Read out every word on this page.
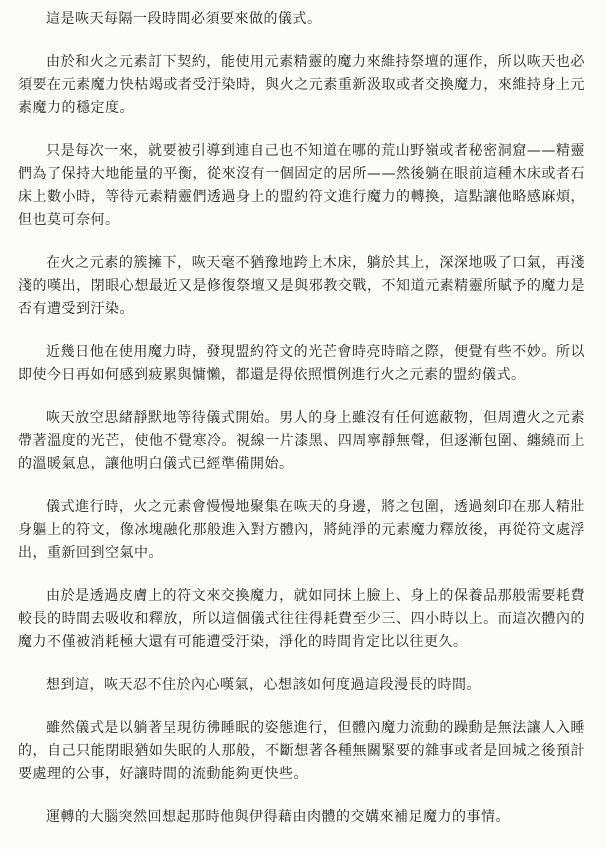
這是咴天每隔一段時間必須要來做的儀式。

由於和火之元素訂下契約，能使用元素精靈的魔力來維持祭壇的運作，所以咴天也必須要在元素魔力快枯竭或者受汙染時，與火之元素重新汲取或者交換魔力，來維持身上元素魔力的穩定度。

只是每次一來，就要被引導到連自己也不知道在哪的荒山野嶺或者秘密洞窟——精靈們為了保持大地能量的平衡，從來沒有一個固定的居所——然後躺在眼前這種木床或者石床上數小時，等待元素精靈們透過身上的盟約符文進行魔力的轉換，這點讓他略感麻煩，但也莫可奈何。

在火之元素的簇擁下，咴天毫不猶豫地跨上木床，躺於其上，深深地吸了口氣，再淺淺的嘆出，閉眼心想最近又是修復祭壇又是與邪教交戰，不知道元素精靈所賦予的魔力是否有遭受到汙染。

近幾日他在使用魔力時，發現盟約符文的光芒會時亮時暗之際，便覺有些不妙。所以即使今日再如何感到疲累與慵懶，都還是得依照慣例進行火之元素的盟約儀式。

咴天放空思緒靜默地等待儀式開始。男人的身上雖沒有任何遮蔽物，但周遭火之元素帶著溫度的光芒，使他不覺寒冷。視線一片漆黑、四周寧靜無聲，但逐漸包圍、纏繞而上的溫暖氣息，讓他明白儀式已經準備開始。

儀式進行時，火之元素會慢慢地聚集在咴天的身邊，將之包圍，透過刻印在那人精壯身軀上的符文，像冰塊融化那般進入對方體內，將純淨的元素魔力釋放後，再從符文處浮出，重新回到空氣中。

由於是透過皮膚上的符文來交換魔力，就如同抹上臉上、身上的保養品那般需要耗費較長的時間去吸收和釋放，所以這個儀式往往得耗費至少三、四小時以上。而這次體內的魔力不僅被消耗極大還有可能遭受汙染，淨化的時間肯定比以往更久。

想到這，咴天忍不住於內心嘆氣，心想該如何度過這段漫長的時間。

雖然儀式是以躺著呈現彷彿睡眠的姿態進行，但體內魔力流動的躁動是無法讓人入睡的，自己只能閉眼猶如失眠的人那般，不斷想著各種無關緊要的雜事或者是回城之後預計要處理的公事，好讓時間的流動能夠更快些。

運轉的大腦突然回想起那時他與伊得藉由肉體的交媾來補足魔力的事情。
